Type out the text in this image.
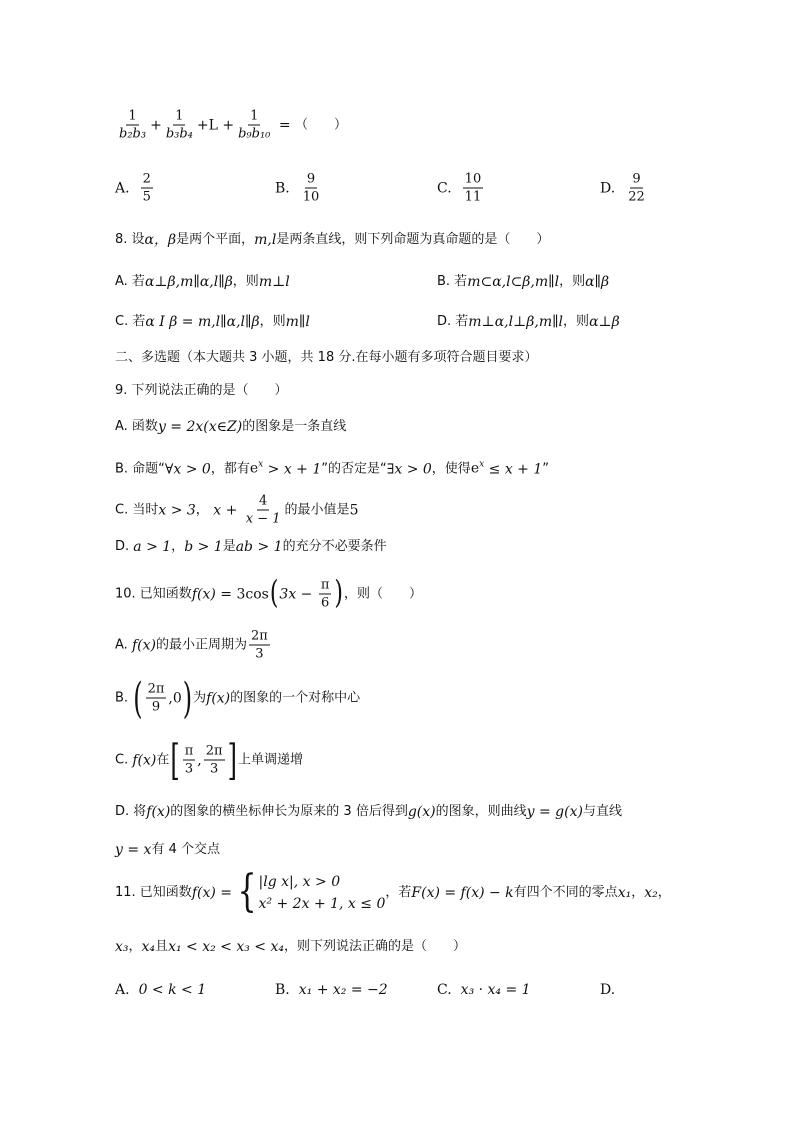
$\frac{1}{\text{b₂b₃}} + \frac{1}{\text{b₃b₄}} +L + \frac{1}{\text{b₉b₁₀}}$ = （　　）
A. $\frac{2}{5}$	B. $\frac{9}{10}$	C. $\frac{10}{11}$	D. $\frac{9}{22}$
8. 设 α，β 是两个平面， m,l 是两条直线，则下列命题为真命题的是（　　）
A. 若 α⊥β,m∥α,l∥β ，则 m⊥l	B. 若 m⊂α,l⊂β,m∥l ，则 α∥β
C. 若 α I β = m,l∥α,l∥β ，则 m∥l	D. 若 m⊥α,l⊥β,m∥l ，则 α⊥β
二、多选题（本大题共 3 小题，共 18 分.在每小题有多项符合题目要求）
9. 下列说法正确的是（　　）
A. 函数 y = 2x(x∈Z) 的图象是一条直线
B. 命题“ ∀x > 0 ，都有 $e^x > x + 1$ ”的否定是“ ∃x > 0 ，使得 $e^x \le x + 1$ ”
C. 当时 x > 3 ， $x + \frac{4}{x - 1}$ 的最小值是 5
D. a > 1 ， b > 1 是 ab > 1 的充分不必要条件
10. 已知函数 f(x) = 3cos ( $3x - \frac{\pi}{6}$ ) ，则（　　）
A. f(x) 的最小正周期为 $\frac{2\pi}{3}$
B. ( $\frac{2\pi}{9} ,0$ ) 为 f(x) 的图象的一个对称中心
C. f(x) 在 [ $\frac{\pi}{3}$ , $\frac{2\pi}{3}$ ] 上单调递增
D. 将 f(x) 的图象的横坐标伸长为原来的 3 倍后得到 g(x) 的图象，则曲线 y = g(x) 与直线
y = x 有 4 个交点
11. 已知函数 f(x) = { |lg x|, x > 0
x² + 2x + 1, x ≤ 0
，若 F(x) = f(x) − k 有四个不同的零点 x₁ ， x₂ ，
x₃ ， x₄ 且 x₁ < x₂ < x₃ < x₄ ，则下列说法正确的是（　　）
A. 0 < k < 1	B. x₁ + x₂ = −2	C. x₃ · x₄ = 1	D.
